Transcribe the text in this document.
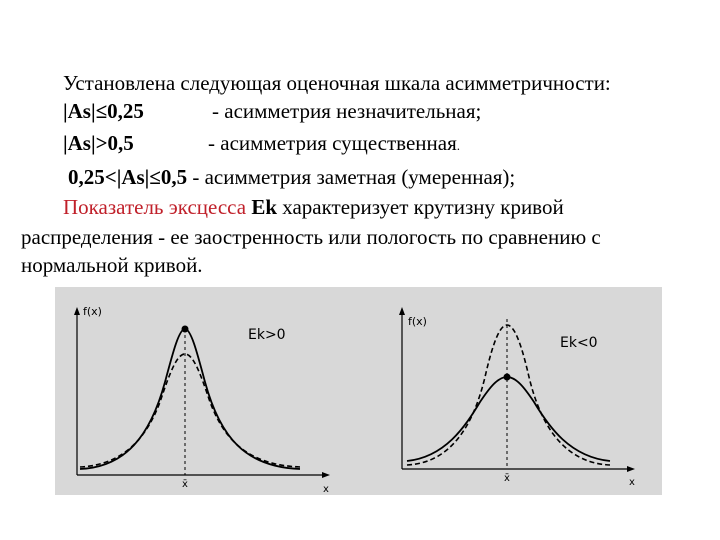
Установлена следующая оценочная шкала асимметричности:
|As|≤0,25	- асимметрия незначительная;
|As|>0,5	- асимметрия существенная.
0,25<|As|≤0,5 - асимметрия заметная (умеренная);
Показатель эксцесса Ek характеризует крутизну кривой
распределения - ее заостренность или пологость по сравнению с
нормальной кривой.
f(x)
x
x̄
Ek>0
f(x)
x
x̄
Ek<0
